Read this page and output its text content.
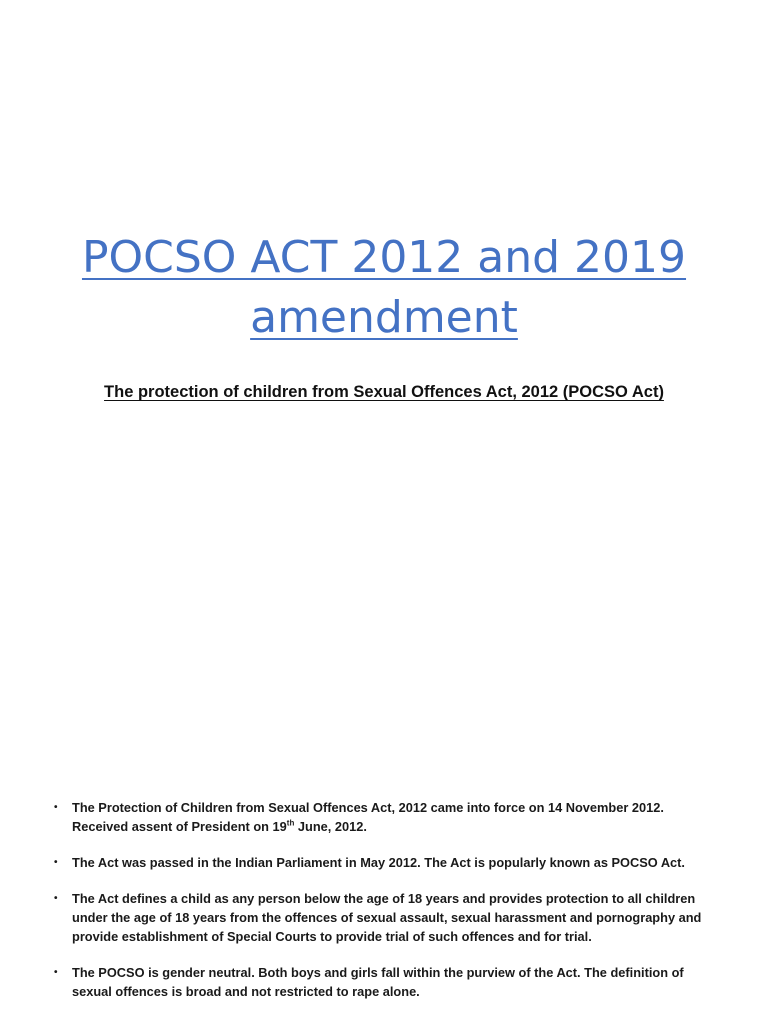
POCSO ACT 2012 and 2019
amendment
The protection of children from Sexual Offences Act, 2012 (POCSO Act)
• The Protection of Children from Sexual Offences Act, 2012 came into force on 14 November 2012.
Received assent of President on 19th June, 2012.
• The Act was passed in the Indian Parliament in May 2012. The Act is popularly known as POCSO Act.
• The Act defines a child as any person below the age of 18 years and provides protection to all children
under the age of 18 years from the offences of sexual assault, sexual harassment and pornography and
provide establishment of Special Courts to provide trial of such offences and for trial.
• The POCSO is gender neutral. Both boys and girls fall within the purview of the Act. The definition of
sexual offences is broad and not restricted to rape alone.
